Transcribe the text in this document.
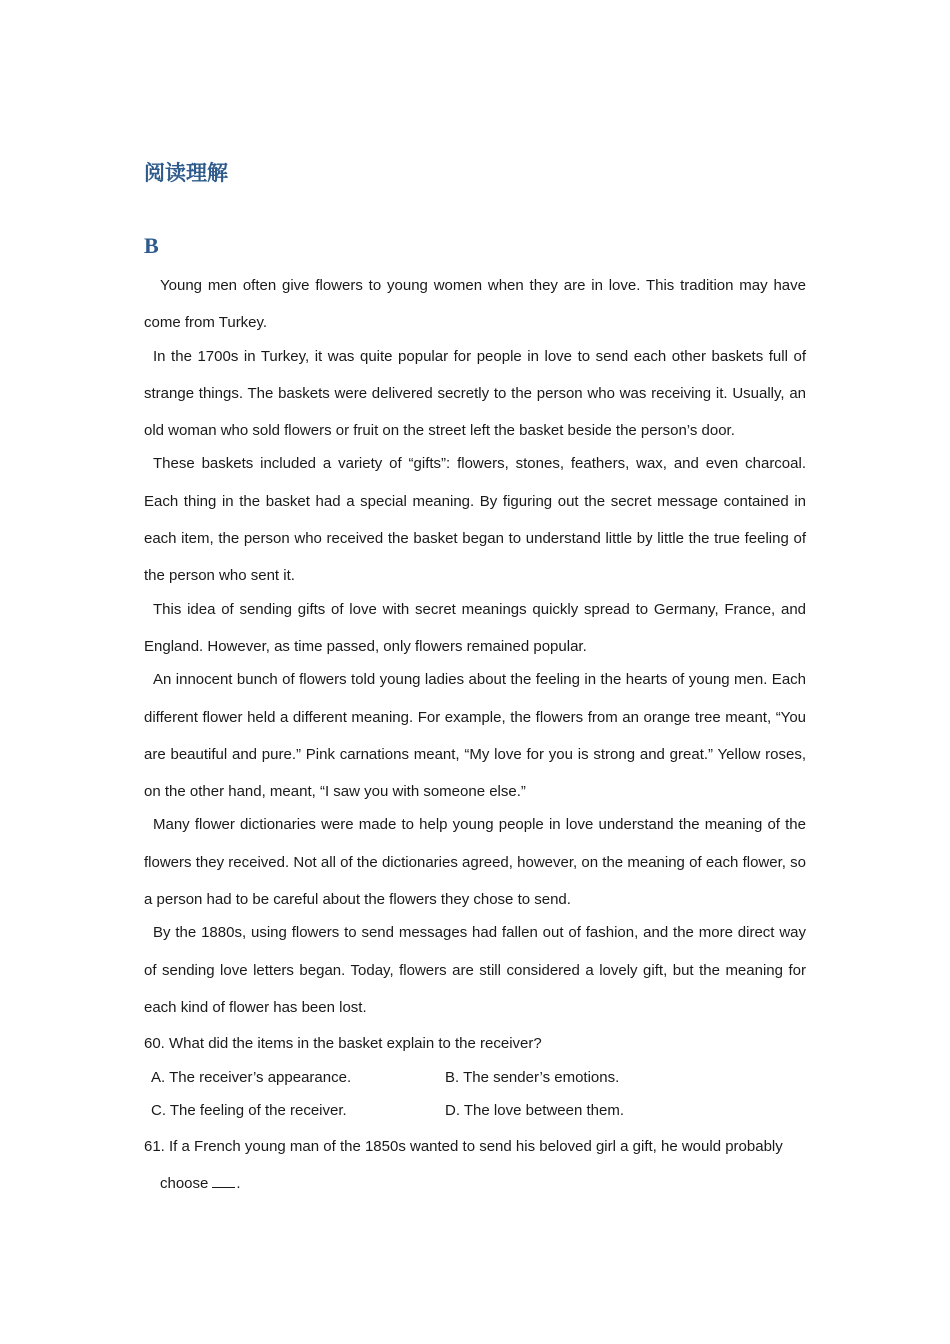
阅读理解
B

Young men often give flowers to young women when they are in love. This tradition may have come from Turkey.

In the 1700s in Turkey, it was quite popular for people in love to send each other baskets full of strange things. The baskets were delivered secretly to the person who was receiving it. Usually, an old woman who sold flowers or fruit on the street left the basket beside the person’s door.

These baskets included a variety of “gifts”: flowers, stones, feathers, wax, and even charcoal. Each thing in the basket had a special meaning. By figuring out the secret message contained in each item, the person who received the basket began to understand little by little the true feeling of the person who sent it.

This idea of sending gifts of love with secret meanings quickly spread to Germany, France, and England. However, as time passed, only flowers remained popular.

An innocent bunch of flowers told young ladies about the feeling in the hearts of young men. Each different flower held a different meaning. For example, the flowers from an orange tree meant, “You are beautiful and pure.” Pink carnations meant, “My love for you is strong and great.” Yellow roses, on the other hand, meant, “I saw you with someone else.”

Many flower dictionaries were made to help young people in love understand the meaning of the flowers they received. Not all of the dictionaries agreed, however, on the meaning of each flower, so a person had to be careful about the flowers they chose to send.

By the 1880s, using flowers to send messages had fallen out of fashion, and the more direct way of sending love letters began. Today, flowers are still considered a lovely gift, but the meaning for each kind of flower has been lost.

60. What did the items in the basket explain to the receiver?

A. The receiver’s appearance.	B. The sender’s emotions.
C. The feeling of the receiver.	D. The love between them.

61. If a French young man of the 1850s wanted to send his beloved girl a gift, he would probably

choose .
